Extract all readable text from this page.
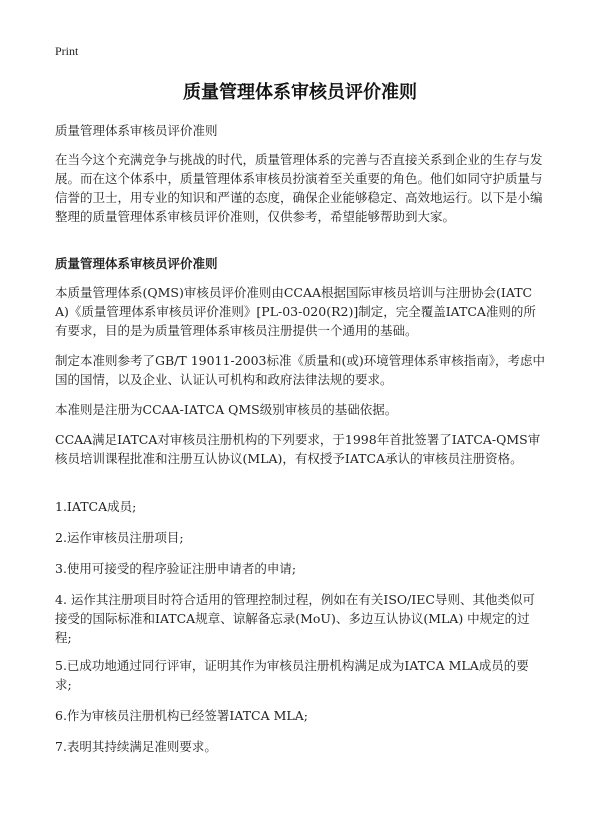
Print
质量管理体系审核员评价准则
质量管理体系审核员评价准则
在当今这个充满竞争与挑战的时代，质量管理体系的完善与否直接关系到企业的生存与发展。而在这个体系中，质量管理体系审核员扮演着至关重要的角色。他们如同守护质量与信誉的卫士，用专业的知识和严谨的态度，确保企业能够稳定、高效地运行。以下是小编整理的质量管理体系审核员评价准则，仅供参考，希望能够帮助到大家。
质量管理体系审核员评价准则
本质量管理体系(QMS)审核员评价准则由CCAA根据国际审核员培训与注册协会(IATCA)《质量管理体系审核员评价准则》[PL-03-020(R2)]制定，完全覆盖IATCA准则的所有要求，目的是为质量管理体系审核员注册提供一个通用的基础。
制定本准则参考了GB/T 19011-2003标准《质量和(或)环境管理体系审核指南》，考虑中国的国情，以及企业、认证认可机构和政府法律法规的要求。
本准则是注册为CCAA-IATCA QMS级别审核员的基础依据。
CCAA满足IATCA对审核员注册机构的下列要求，于1998年首批签署了IATCA-QMS审核员培训课程批准和注册互认协议(MLA)，有权授予IATCA承认的审核员注册资格。
1.IATCA成员;
2.运作审核员注册项目;
3.使用可接受的程序验证注册申请者的申请;
4. 运作其注册项目时符合适用的管理控制过程，例如在有关ISO/IEC导则、其他类似可接受的国际标准和IATCA规章、谅解备忘录(MoU)、多边互认协议(MLA) 中规定的过程;
5.已成功地通过同行评审，证明其作为审核员注册机构满足成为IATCA MLA成员的要求;
6.作为审核员注册机构已经签署IATCA MLA;
7.表明其持续满足准则要求。
